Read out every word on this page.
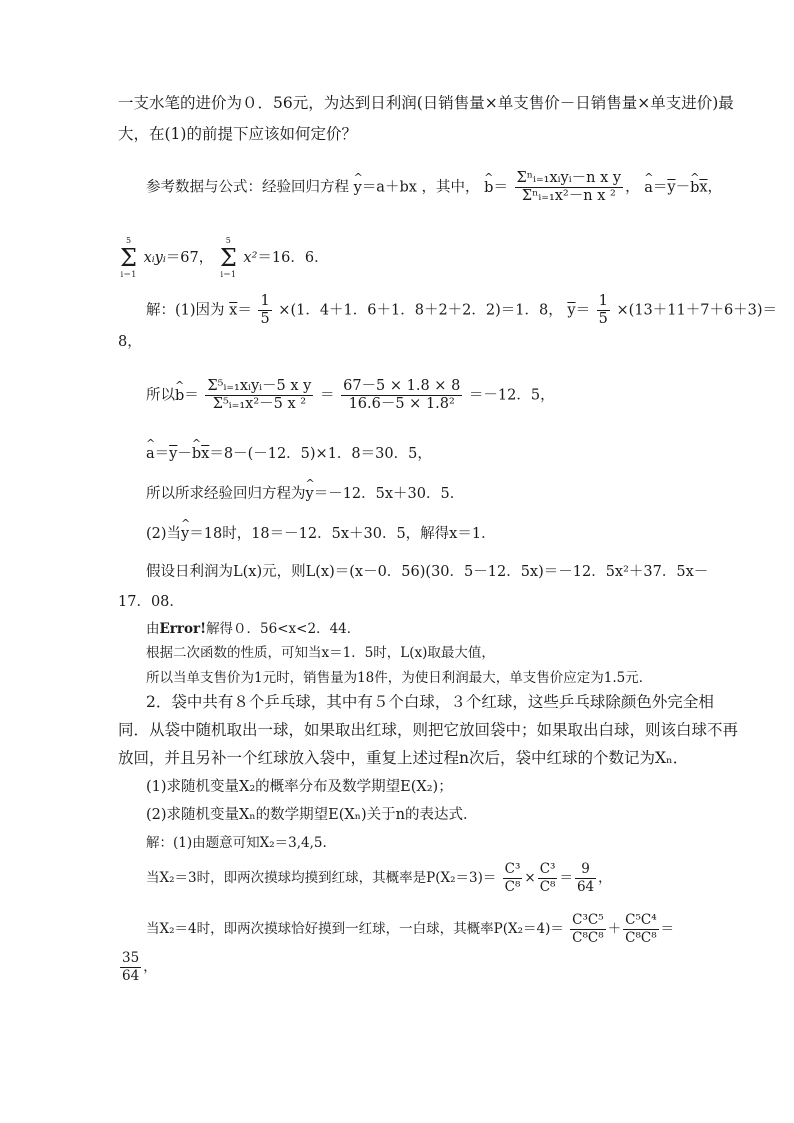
一支水笔的进价为０．56元，为达到日利润(日销售量×单支售价－日销售量×单支进价)最
大，在(1)的前提下应该如何定价？
参考数据与公式：经验回归方程 ^ y＝a＋bx ，其中， ^ $b= \frac{\text{Σⁿᵢ₌₁xᵢyᵢ－n x y}}{\text{Σⁿᵢ₌₁x²－n x ²}}$ ， ^ $a=\overline{y}-\^{}$ $b\overline{x}$，
5
Σ
i＝1
xᵢyᵢ＝67，
5
Σ
i＝1
x²＝16．6．
解：(1)因为 $\overline{x}= \frac{1}{5} \times(1$．4＋1．6＋1．8＋2＋2．2)＝1．8， $\overline{y}= \frac{1}{5} \times(13+11+7+6+3)=$
8，
所以^ $b= \frac{\text{Σ⁵ᵢ₌₁xᵢyᵢ－5 x y}}{\text{Σ⁵ᵢ₌₁x²－5 x ²}} = \frac{67-5 \times 1.8 \times 8}{\text{16.6－5 × 1.8²}} =-12$．5，
^ $a=\overline{y}-\^{}$ $b\overline{x}=8-(-12$．5)×1．8＝30．5，
所以所求经验回归方程为^ y＝－12．5x＋30．5．
(2)当^ y＝18时，18＝－12．5x＋30．5，解得x＝1．
假设日利润为L(x)元，则L(x)＝(x－0．56)(30．5－12．5x)＝－12．5x²＋37．5x－
17．08．
由Error!解得０．56<x<2．44．
根据二次函数的性质，可知当x＝1．5时，L(x)取最大值，
所以当单支售价为1元时，销售量为18件，为使日利润最大，单支售价应定为1.5元．
2．袋中共有８个乒乓球，其中有５个白球，３个红球，这些乒乓球除颜色外完全相
同．从袋中随机取出一球，如果取出红球，则把它放回袋中；如果取出白球，则该白球不再
放回，并且另补一个红球放入袋中，重复上述过程n次后，袋中红球的个数记为Xₙ．
(1)求随机变量X₂的概率分布及数学期望E(X₂)；
(2)求随机变量Xₙ的数学期望E(Xₙ)关于n的表达式．
解：(1)由题意可知X₂＝3,4,5.
当X₂＝3时，即两次摸球均摸到红球，其概率是$P(X_2=3)= \frac{\text{C³}}{\text{C⁸}} \times \frac{\text{C³}}{\text{C⁸}} = \frac{9}{64}$ ，
当X₂＝4时，即两次摸球恰好摸到一红球，一白球，其概率$P(X_2=4)= \frac{\text{C³C⁵}}{\text{C⁸C⁸}} + \frac{\text{C⁵C⁴}}{\text{C⁸C⁸}}$ ＝
$\frac{35}{64}$ ，
